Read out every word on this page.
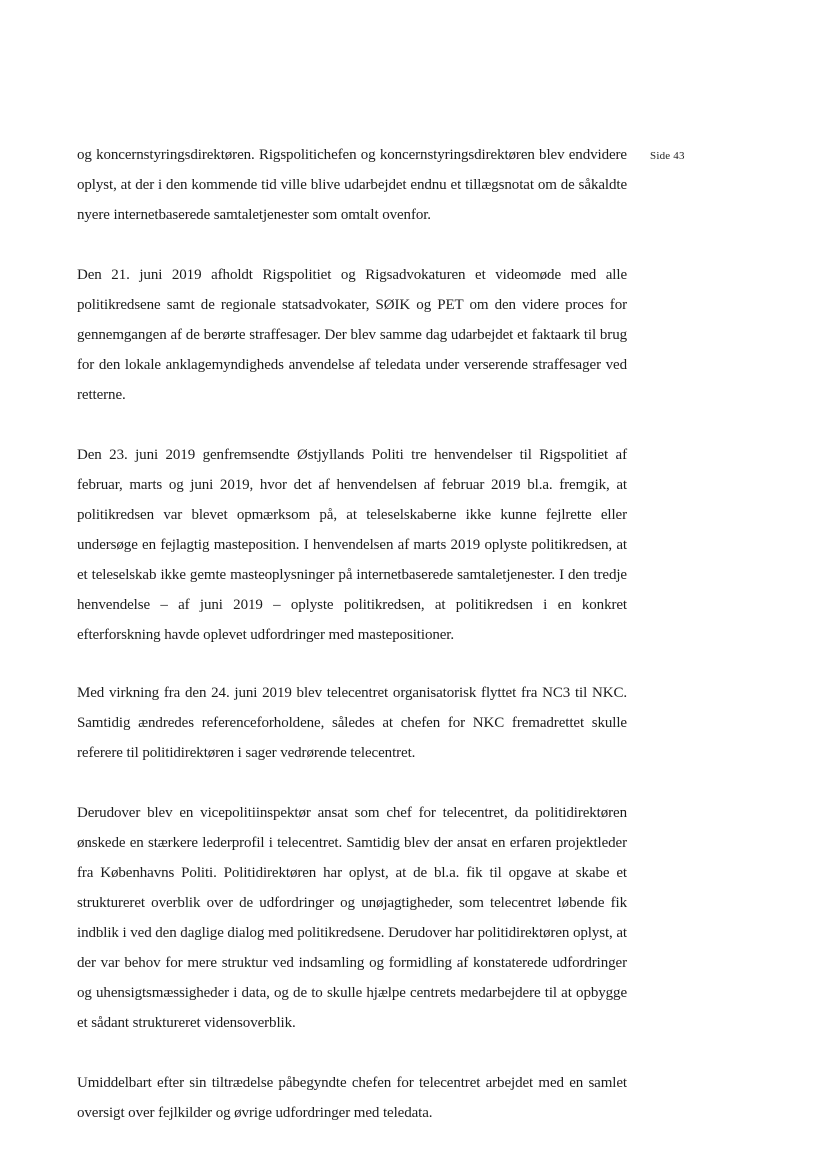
Side 43

og koncernstyringsdirektøren. Rigspolitichefen og koncernstyringsdirektøren blev endvidere oplyst, at der i den kommende tid ville blive udarbejdet endnu et tillægsnotat om de såkaldte nyere internetbaserede samtaletjenester som omtalt ovenfor.

Den 21. juni 2019 afholdt Rigspolitiet og Rigsadvokaturen et videomøde med alle politikredsene samt de regionale statsadvokater, SØIK og PET om den videre proces for gennemgangen af de berørte straffesager. Der blev samme dag udarbejdet et faktaark til brug for den lokale anklagemyndigheds anvendelse af teledata under verserende straffesager ved retterne.

Den 23. juni 2019 genfremsendte Østjyllands Politi tre henvendelser til Rigspolitiet af februar, marts og juni 2019, hvor det af henvendelsen af februar 2019 bl.a. fremgik, at politikredsen var blevet opmærksom på, at teleselskaberne ikke kunne fejlrette eller undersøge en fejlagtig masteposition. I henvendelsen af marts 2019 oplyste politikredsen, at et teleselskab ikke gemte masteoplysninger på internetbaserede samtaletjenester. I den tredje henvendelse – af juni 2019 – oplyste politikredsen, at politikredsen i en konkret efterforskning havde oplevet udfordringer med mastepositioner.

Med virkning fra den 24. juni 2019 blev telecentret organisatorisk flyttet fra NC3 til NKC. Samtidig ændredes referenceforholdene, således at chefen for NKC fremadrettet skulle referere til politidirektøren i sager vedrørende telecentret.

Derudover blev en vicepolitiinspektør ansat som chef for telecentret, da politidirektøren ønskede en stærkere lederprofil i telecentret. Samtidig blev der ansat en erfaren projektleder fra Københavns Politi. Politidirektøren har oplyst, at de bl.a. fik til opgave at skabe et struktureret overblik over de udfordringer og unøjagtigheder, som telecentret løbende fik indblik i ved den daglige dialog med politikredsene. Derudover har politidirektøren oplyst, at der var behov for mere struktur ved indsamling og formidling af konstaterede udfordringer og uhensigtsmæssigheder i data, og de to skulle hjælpe centrets medarbejdere til at opbygge et sådant struktureret vidensoverblik.

Umiddelbart efter sin tiltrædelse påbegyndte chefen for telecentret arbejdet med en samlet oversigt over fejlkilder og øvrige udfordringer med teledata.
